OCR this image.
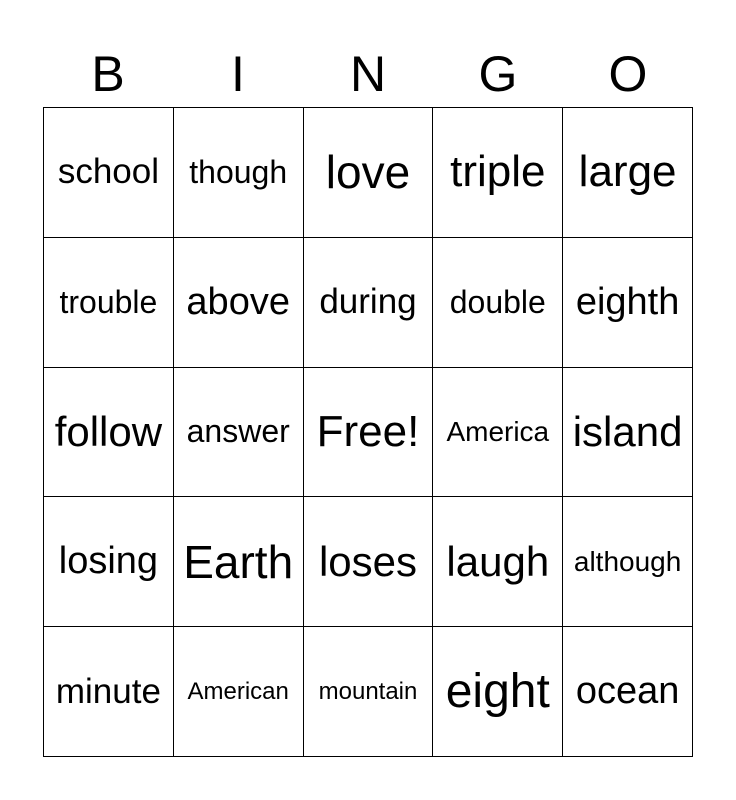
B	I	N	G	O
school though love triple large
trouble above during	double eighth
follow answer Free! America island
losing Earth loses laugh although
minute	American	mountain eight ocean
